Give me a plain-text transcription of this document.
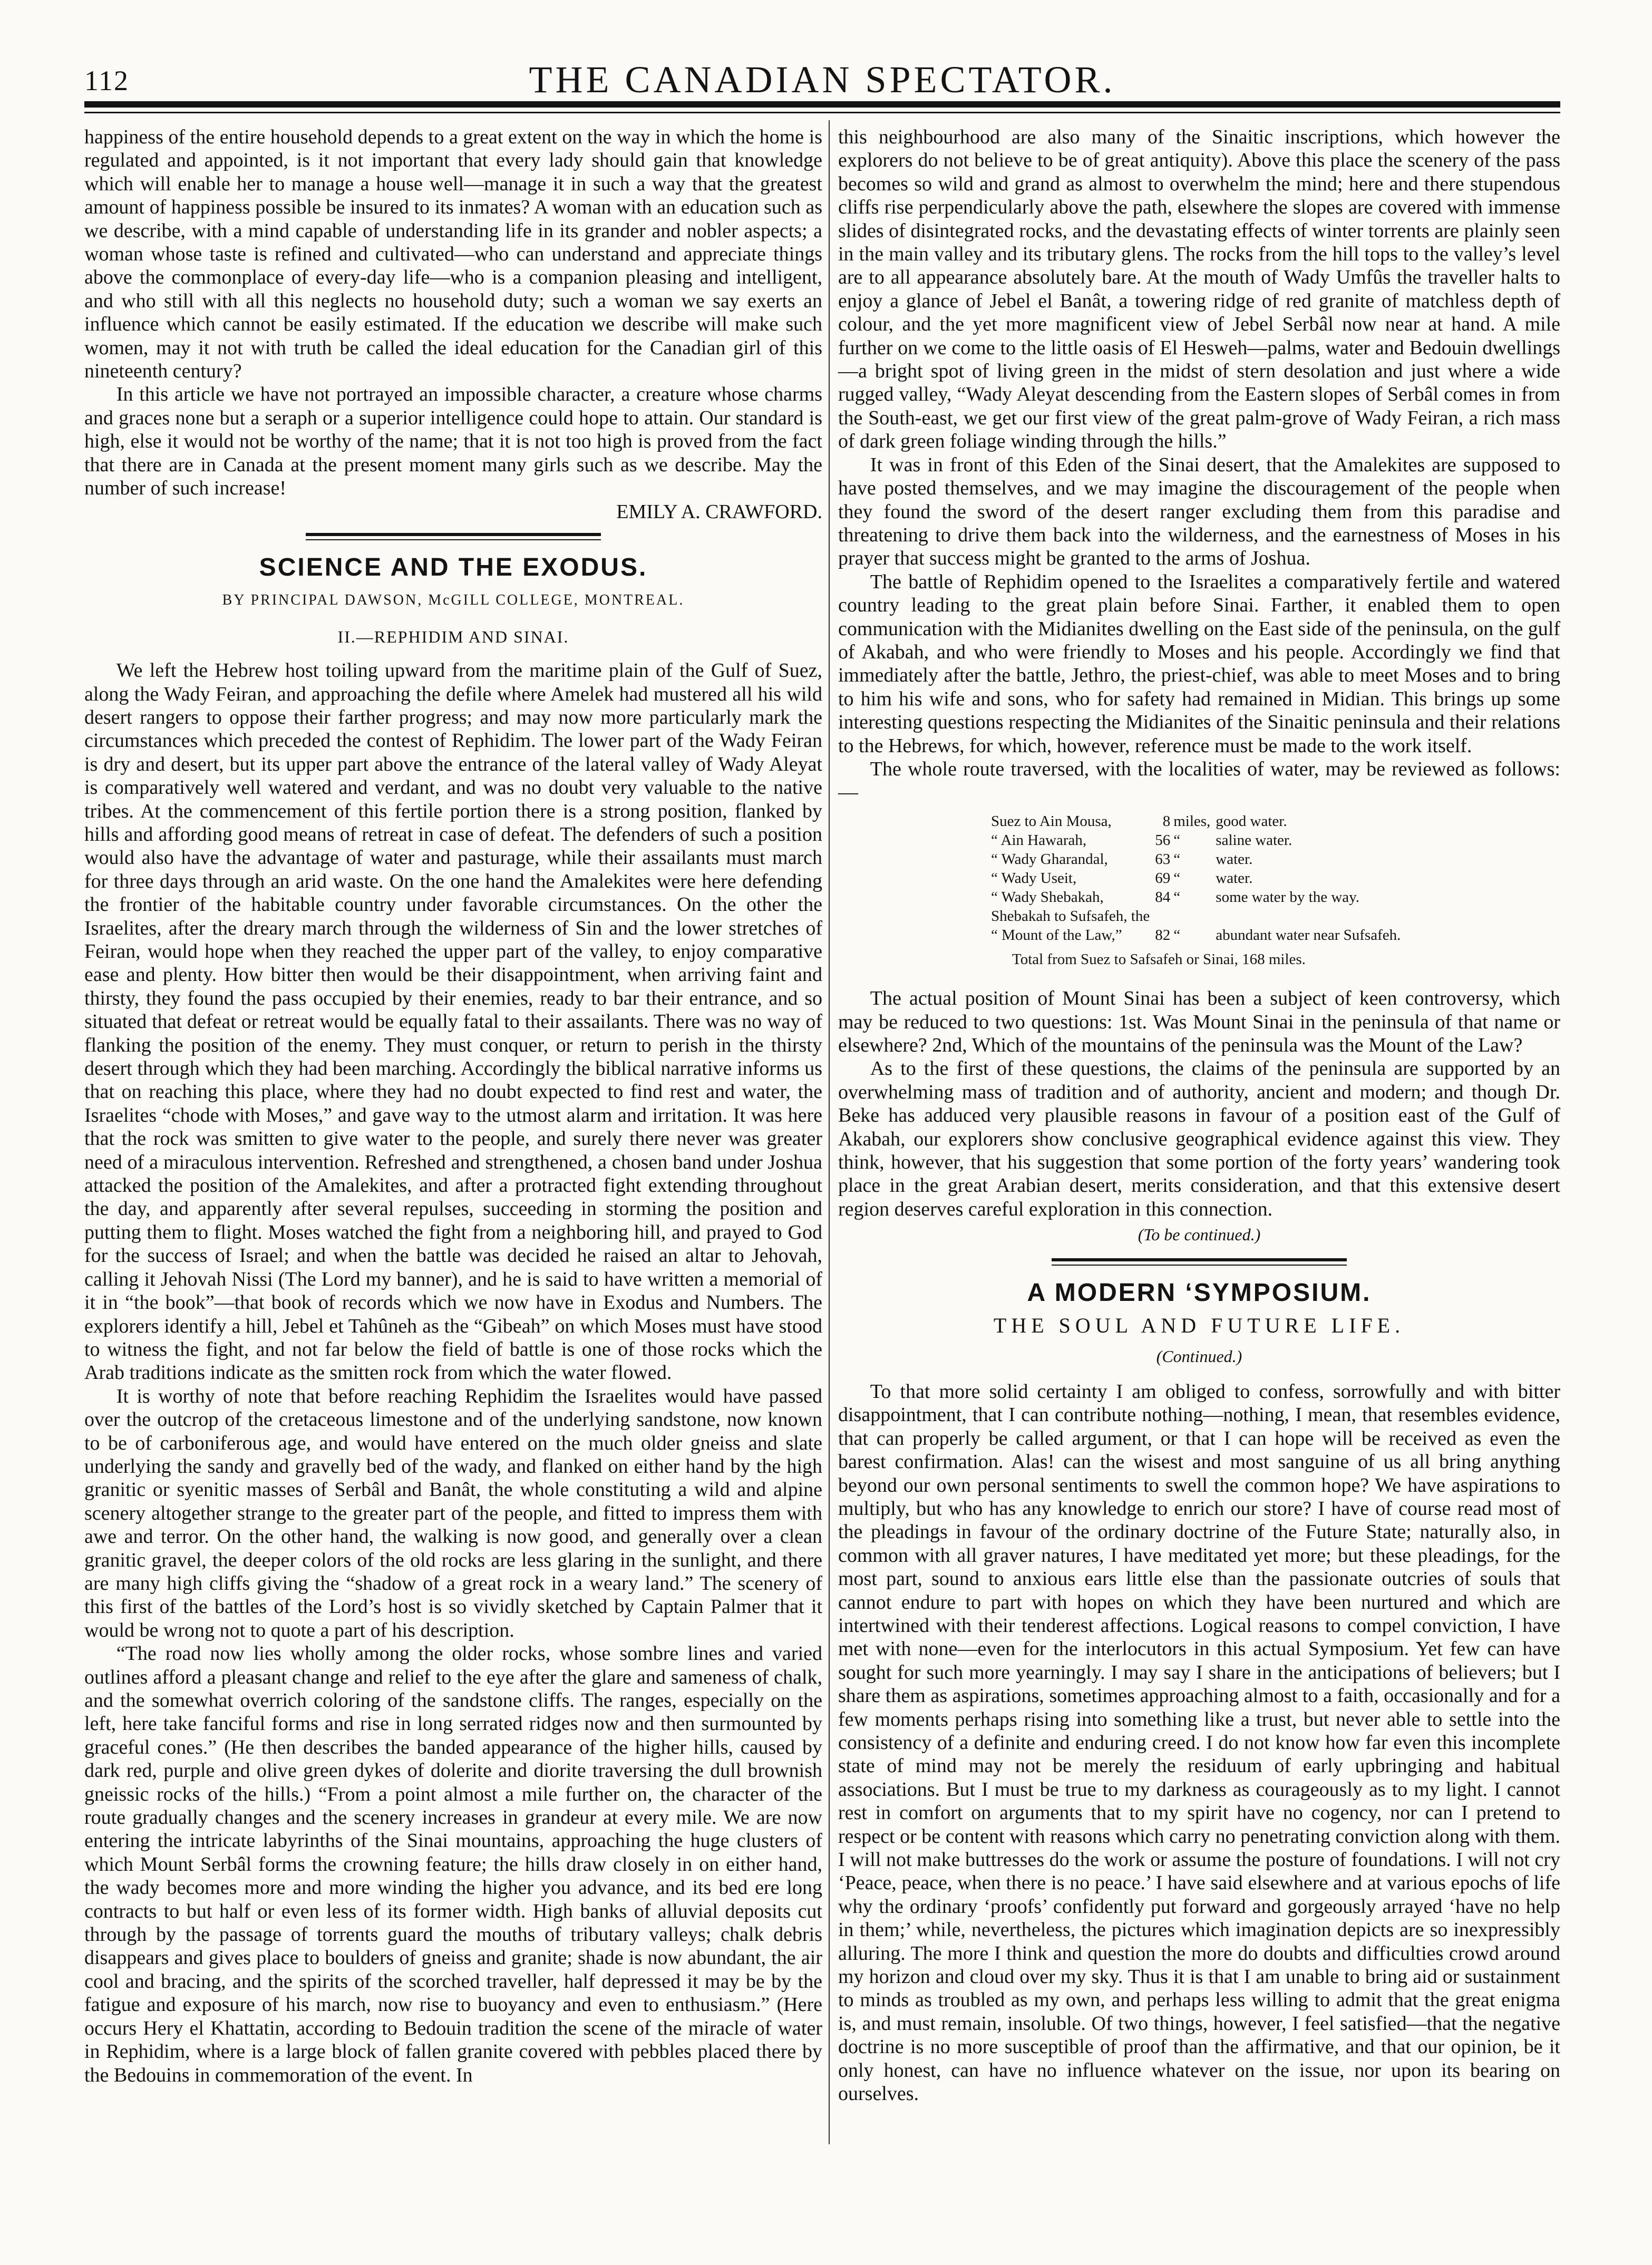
112	THE CANADIAN SPECTATOR.

happiness of the entire household depends to a great extent on the way in which the home is regulated and appointed, is it not important that every lady should gain that knowledge which will enable her to manage a house well—manage it in such a way that the greatest amount of happiness possible be insured to its inmates? A woman with an education such as we describe, with a mind capable of understanding life in its grander and nobler aspects; a woman whose taste is refined and cultivated—who can understand and appreciate things above the commonplace of every-day life—who is a companion pleasing and intelligent, and who still with all this neglects no household duty; such a woman we say exerts an influence which cannot be easily estimated. If the education we describe will make such women, may it not with truth be called the ideal education for the Canadian girl of this nineteenth century?

In this article we have not portrayed an impossible character, a creature whose charms and graces none but a seraph or a superior intelligence could hope to attain. Our standard is high, else it would not be worthy of the name; that it is not too high is proved from the fact that there are in Canada at the present moment many girls such as we describe. May the number of such increase!

EMILY A. CRAWFORD.

SCIENCE AND THE EXODUS.
BY PRINCIPAL DAWSON, McGILL COLLEGE, MONTREAL.
II.—REPHIDIM AND SINAI.

We left the Hebrew host toiling upward from the maritime plain of the Gulf of Suez, along the Wady Feiran, and approaching the defile where Amelek had mustered all his wild desert rangers to oppose their farther progress; and may now more particularly mark the circumstances which preceded the contest of Rephidim. The lower part of the Wady Feiran is dry and desert, but its upper part above the entrance of the lateral valley of Wady Aleyat is comparatively well watered and verdant, and was no doubt very valuable to the native tribes. At the commencement of this fertile portion there is a strong position, flanked by hills and affording good means of retreat in case of defeat. The defenders of such a position would also have the advantage of water and pasturage, while their assailants must march for three days through an arid waste. On the one hand the Amalekites were here defending the frontier of the habitable country under favorable circumstances. On the other the Israelites, after the dreary march through the wilderness of Sin and the lower stretches of Feiran, would hope when they reached the upper part of the valley, to enjoy comparative ease and plenty. How bitter then would be their disappointment, when arriving faint and thirsty, they found the pass occupied by their enemies, ready to bar their entrance, and so situated that defeat or retreat would be equally fatal to their assailants. There was no way of flanking the position of the enemy. They must conquer, or return to perish in the thirsty desert through which they had been marching. Accordingly the biblical narrative informs us that on reaching this place, where they had no doubt expected to find rest and water, the Israelites “chode with Moses,” and gave way to the utmost alarm and irritation. It was here that the rock was smitten to give water to the people, and surely there never was greater need of a miraculous intervention. Refreshed and strengthened, a chosen band under Joshua attacked the position of the Amalekites, and after a protracted fight extending throughout the day, and apparently after several repulses, succeeding in storming the position and putting them to flight. Moses watched the fight from a neighboring hill, and prayed to God for the success of Israel; and when the battle was decided he raised an altar to Jehovah, calling it Jehovah Nissi (The Lord my banner), and he is said to have written a memorial of it in “the book”—that book of records which we now have in Exodus and Numbers. The explorers identify a hill, Jebel et Tahûneh as the “Gibeah” on which Moses must have stood to witness the fight, and not far below the field of battle is one of those rocks which the Arab traditions indicate as the smitten rock from which the water flowed.

It is worthy of note that before reaching Rephidim the Israelites would have passed over the outcrop of the cretaceous limestone and of the underlying sandstone, now known to be of carboniferous age, and would have entered on the much older gneiss and slate underlying the sandy and gravelly bed of the wady, and flanked on either hand by the high granitic or syenitic masses of Serbâl and Banât, the whole constituting a wild and alpine scenery altogether strange to the greater part of the people, and fitted to impress them with awe and terror. On the other hand, the walking is now good, and generally over a clean granitic gravel, the deeper colors of the old rocks are less glaring in the sunlight, and there are many high cliffs giving the “shadow of a great rock in a weary land.” The scenery of this first of the battles of the Lord’s host is so vividly sketched by Captain Palmer that it would be wrong not to quote a part of his description.

“The road now lies wholly among the older rocks, whose sombre lines and varied outlines afford a pleasant change and relief to the eye after the glare and sameness of chalk, and the somewhat overrich coloring of the sandstone cliffs. The ranges, especially on the left, here take fanciful forms and rise in long serrated ridges now and then surmounted by graceful cones.” (He then describes the banded appearance of the higher hills, caused by dark red, purple and olive green dykes of dolerite and diorite traversing the dull brownish gneissic rocks of the hills.) “From a point almost a mile further on, the character of the route gradually changes and the scenery increases in grandeur at every mile. We are now entering the intricate labyrinths of the Sinai mountains, approaching the huge clusters of which Mount Serbâl forms the crowning feature; the hills draw closely in on either hand, the wady becomes more and more winding the higher you advance, and its bed ere long contracts to but half or even less of its former width. High banks of alluvial deposits cut through by the passage of torrents guard the mouths of tributary valleys; chalk debris disappears and gives place to boulders of gneiss and granite; shade is now abundant, the air cool and bracing, and the spirits of the scorched traveller, half depressed it may be by the fatigue and exposure of his march, now rise to buoyancy and even to enthusiasm.” (Here occurs Hery el Khattatin, according to Bedouin tradition the scene of the miracle of water in Rephidim, where is a large block of fallen granite covered with pebbles placed there by the Bedouins in commemoration of the event. In

this neighbourhood are also many of the Sinaitic inscriptions, which however the explorers do not believe to be of great antiquity). Above this place the scenery of the pass becomes so wild and grand as almost to overwhelm the mind; here and there stupendous cliffs rise perpendicularly above the path, elsewhere the slopes are covered with immense slides of disintegrated rocks, and the devastating effects of winter torrents are plainly seen in the main valley and its tributary glens. The rocks from the hill tops to the valley’s level are to all appearance absolutely bare. At the mouth of Wady Umfûs the traveller halts to enjoy a glance of Jebel el Banât, a towering ridge of red granite of matchless depth of colour, and the yet more magnificent view of Jebel Serbâl now near at hand. A mile further on we come to the little oasis of El Hesweh—palms, water and Bedouin dwellings—a bright spot of living green in the midst of stern desolation and just where a wide rugged valley, “Wady Aleyat descending from the Eastern slopes of Serbâl comes in from the South-east, we get our first view of the great palm-grove of Wady Feiran, a rich mass of dark green foliage winding through the hills.”

It was in front of this Eden of the Sinai desert, that the Amalekites are supposed to have posted themselves, and we may imagine the discouragement of the people when they found the sword of the desert ranger excluding them from this paradise and threatening to drive them back into the wilderness, and the earnestness of Moses in his prayer that success might be granted to the arms of Joshua.

The battle of Rephidim opened to the Israelites a comparatively fertile and watered country leading to the great plain before Sinai. Farther, it enabled them to open communication with the Midianites dwelling on the East side of the peninsula, on the gulf of Akabah, and who were friendly to Moses and his people. Accordingly we find that immediately after the battle, Jethro, the priest-chief, was able to meet Moses and to bring to him his wife and sons, who for safety had remained in Midian. This brings up some interesting questions respecting the Midianites of the Sinaitic peninsula and their relations to the Hebrews, for which, however, reference must be made to the work itself.

The whole route traversed, with the localities of water, may be reviewed as follows:—

Suez to Ain Mousa,	8	miles,	good water.
“ Ain Hawarah,	56	“	saline water.
“ Wady Gharandal,	63	“	water.
“ Wady Useit,	69	“	water.
“ Wady Shebakah,	84	“	some water by the way.
Shebakah to Sufsafeh, the			
“ Mount of the Law,”	82	“	abundant water near Sufsafeh.
Total from Suez to Safsafeh or Sinai, 168 miles.

The actual position of Mount Sinai has been a subject of keen controversy, which may be reduced to two questions: 1st. Was Mount Sinai in the peninsula of that name or elsewhere? 2nd, Which of the mountains of the peninsula was the Mount of the Law?

As to the first of these questions, the claims of the peninsula are supported by an overwhelming mass of tradition and of authority, ancient and modern; and though Dr. Beke has adduced very plausible reasons in favour of a position east of the Gulf of Akabah, our explorers show conclusive geographical evidence against this view. They think, however, that his suggestion that some portion of the forty years’ wandering took place in the great Arabian desert, merits consideration, and that this extensive desert region deserves careful exploration in this connection.

(To be continued.)
A MODERN ‘SYMPOSIUM.
THE SOUL AND FUTURE LIFE.
(Continued.)

To that more solid certainty I am obliged to confess, sorrowfully and with bitter disappointment, that I can contribute nothing—nothing, I mean, that resembles evidence, that can properly be called argument, or that I can hope will be received as even the barest confirmation. Alas! can the wisest and most sanguine of us all bring anything beyond our own personal sentiments to swell the common hope? We have aspirations to multiply, but who has any knowledge to enrich our store? I have of course read most of the pleadings in favour of the ordinary doctrine of the Future State; naturally also, in common with all graver natures, I have meditated yet more; but these pleadings, for the most part, sound to anxious ears little else than the passionate outcries of souls that cannot endure to part with hopes on which they have been nurtured and which are intertwined with their tenderest affections. Logical reasons to compel conviction, I have met with none—even for the interlocutors in this actual Symposium. Yet few can have sought for such more yearningly. I may say I share in the anticipations of believers; but I share them as aspirations, sometimes approaching almost to a faith, occasionally and for a few moments perhaps rising into something like a trust, but never able to settle into the consistency of a definite and enduring creed. I do not know how far even this incomplete state of mind may not be merely the residuum of early upbringing and habitual associations. But I must be true to my darkness as courageously as to my light. I cannot rest in comfort on arguments that to my spirit have no cogency, nor can I pretend to respect or be content with reasons which carry no penetrating conviction along with them. I will not make buttresses do the work or assume the posture of foundations. I will not cry ‘Peace, peace, when there is no peace.’ I have said elsewhere and at various epochs of life why the ordinary ‘proofs’ confidently put forward and gorgeously arrayed ‘have no help in them;’ while, nevertheless, the pictures which imagination depicts are so inexpressibly alluring. The more I think and question the more do doubts and difficulties crowd around my horizon and cloud over my sky. Thus it is that I am unable to bring aid or sustainment to minds as troubled as my own, and perhaps less willing to admit that the great enigma is, and must remain, insoluble. Of two things, however, I feel satisfied—that the negative doctrine is no more susceptible of proof than the affirmative, and that our opinion, be it only honest, can have no influence whatever on the issue, nor upon its bearing on ourselves.
